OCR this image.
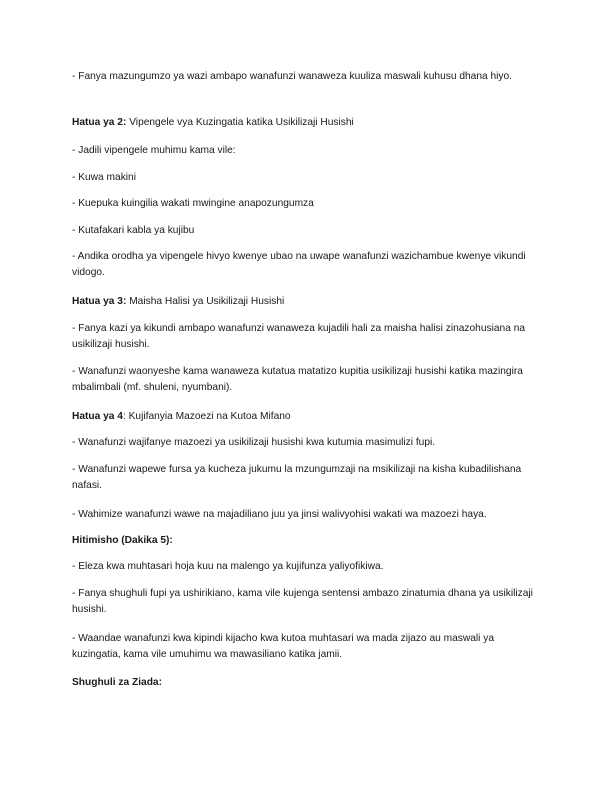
- Fanya mazungumzo ya wazi ambapo wanafunzi wanaweza kuuliza maswali kuhusu dhana hiyo.

Hatua ya 2: Vipengele vya Kuzingatia katika Usikilizaji Husishi

- Jadili vipengele muhimu kama vile:

- Kuwa makini

- Kuepuka kuingilia wakati mwingine anapozungumza

- Kutafakari kabla ya kujibu

- Andika orodha ya vipengele hivyo kwenye ubao na uwape wanafunzi wazichambue kwenye vikundi vidogo.

Hatua ya 3: Maisha Halisi ya Usikilizaji Husishi

- Fanya kazi ya kikundi ambapo wanafunzi wanaweza kujadili hali za maisha halisi zinazohusiana na usikilizaji husishi.

- Wanafunzi waonyeshe kama wanaweza kutatua matatizo kupitia usikilizaji husishi katika mazingira mbalimbali (mf. shuleni, nyumbani).

Hatua ya 4: Kujifanyia Mazoezi na Kutoa Mifano

- Wanafunzi wajifanye mazoezi ya usikilizaji husishi kwa kutumia masimulizi fupi.

- Wanafunzi wapewe fursa ya kucheza jukumu la mzungumzaji na msikilizaji na kisha kubadilishana nafasi.

- Wahimize wanafunzi wawe na majadiliano juu ya jinsi walivyohisi wakati wa mazoezi haya.

Hitimisho (Dakika 5):

- Eleza kwa muhtasari hoja kuu na malengo ya kujifunza yaliyofikiwa.

- Fanya shughuli fupi ya ushirikiano, kama vile kujenga sentensi ambazo zinatumia dhana ya usikilizaji husishi.

- Waandae wanafunzi kwa kipindi kijacho kwa kutoa muhtasari wa mada zijazo au maswali ya kuzingatia, kama vile umuhimu wa mawasiliano katika jamii.

Shughuli za Ziada:
